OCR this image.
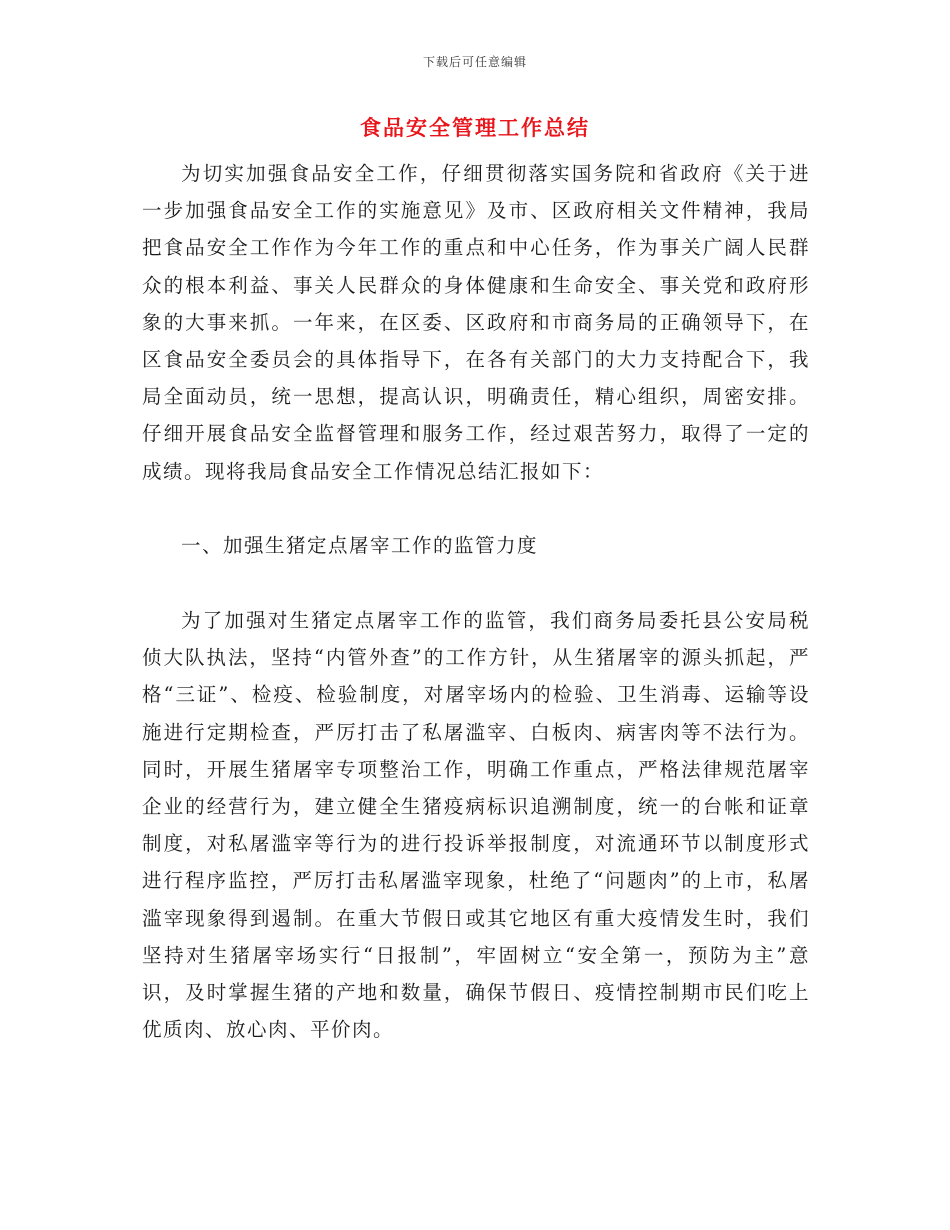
下载后可任意编辑
食品安全管理工作总结

为切实加强食品安全工作，仔细贯彻落实国务院和省政府《关于进一步加强食品安全工作的实施意见》及市、区政府相关文件精神，我局把食品安全工作作为今年工作的重点和中心任务，作为事关广阔人民群众的根本利益、事关人民群众的身体健康和生命安全、事关党和政府形象的大事来抓。一年来，在区委、区政府和市商务局的正确领导下，在区食品安全委员会的具体指导下，在各有关部门的大力支持配合下，我局全面动员，统一思想，提高认识，明确责任，精心组织，周密安排。仔细开展食品安全监督管理和服务工作，经过艰苦努力，取得了一定的成绩。现将我局食品安全工作情况总结汇报如下：

一、加强生猪定点屠宰工作的监管力度

为了加强对生猪定点屠宰工作的监管，我们商务局委托县公安局税侦大队执法，坚持“内管外查”的工作方针，从生猪屠宰的源头抓起，严格“三证”、检疫、检验制度，对屠宰场内的检验、卫生消毒、运输等设施进行定期检查，严厉打击了私屠滥宰、白板肉、病害肉等不法行为。同时，开展生猪屠宰专项整治工作，明确工作重点，严格法律规范屠宰企业的经营行为，建立健全生猪疫病标识追溯制度，统一的台帐和证章制度，对私屠滥宰等行为的进行投诉举报制度，对流通环节以制度形式进行程序监控，严厉打击私屠滥宰现象，杜绝了“问题肉”的上市，私屠滥宰现象得到遏制。在重大节假日或其它地区有重大疫情发生时，我们坚持对生猪屠宰场实行“日报制”，牢固树立“安全第一，预防为主”意识，及时掌握生猪的产地和数量，确保节假日、疫情控制期市民们吃上优质肉、放心肉、平价肉。
